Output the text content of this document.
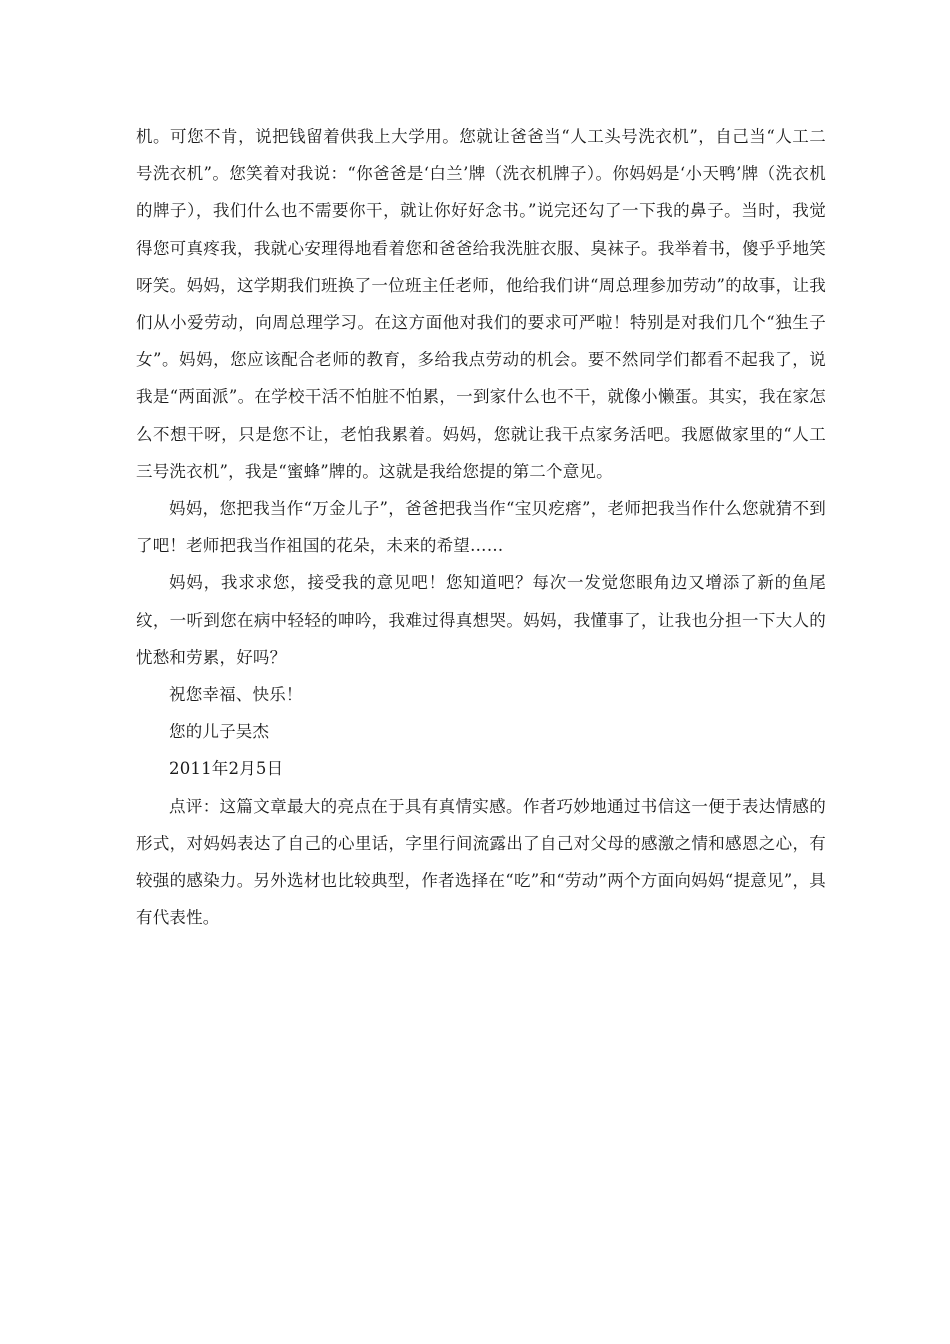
机。可您不肯，说把钱留着供我上大学用。您就让爸爸当“人工头号洗衣机”，自己当“人工二号洗衣机”。您笑着对我说：“你爸爸是‘白兰’牌（洗衣机牌子）。你妈妈是‘小天鸭’牌（洗衣机的牌子），我们什么也不需要你干，就让你好好念书。”说完还勾了一下我的鼻子。当时，我觉得您可真疼我，我就心安理得地看着您和爸爸给我洗脏衣服、臭袜子。我举着书，傻乎乎地笑呀笑。妈妈，这学期我们班换了一位班主任老师，他给我们讲“周总理参加劳动”的故事，让我们从小爱劳动，向周总理学习。在这方面他对我们的要求可严啦！特别是对我们几个“独生子女”。妈妈，您应该配合老师的教育，多给我点劳动的机会。要不然同学们都看不起我了，说我是“两面派”。在学校干活不怕脏不怕累，一到家什么也不干，就像小懒蛋。其实，我在家怎么不想干呀，只是您不让，老怕我累着。妈妈，您就让我干点家务活吧。我愿做家里的“人工三号洗衣机”，我是“蜜蜂”牌的。这就是我给您提的第二个意见。

妈妈，您把我当作“万金儿子”，爸爸把我当作“宝贝疙瘩”，老师把我当作什么您就猜不到了吧！老师把我当作祖国的花朵，未来的希望……

妈妈，我求求您，接受我的意见吧！您知道吧？每次一发觉您眼角边又增添了新的鱼尾纹，一听到您在病中轻轻的呻吟，我难过得真想哭。妈妈，我懂事了，让我也分担一下大人的忧愁和劳累，好吗？

祝您幸福、快乐！

您的儿子吴杰

2011年2月5日

点评：这篇文章最大的亮点在于具有真情实感。作者巧妙地通过书信这一便于表达情感的形式，对妈妈表达了自己的心里话，字里行间流露出了自己对父母的感激之情和感恩之心，有较强的感染力。另外选材也比较典型，作者选择在“吃”和“劳动”两个方面向妈妈“提意见”，具有代表性。
